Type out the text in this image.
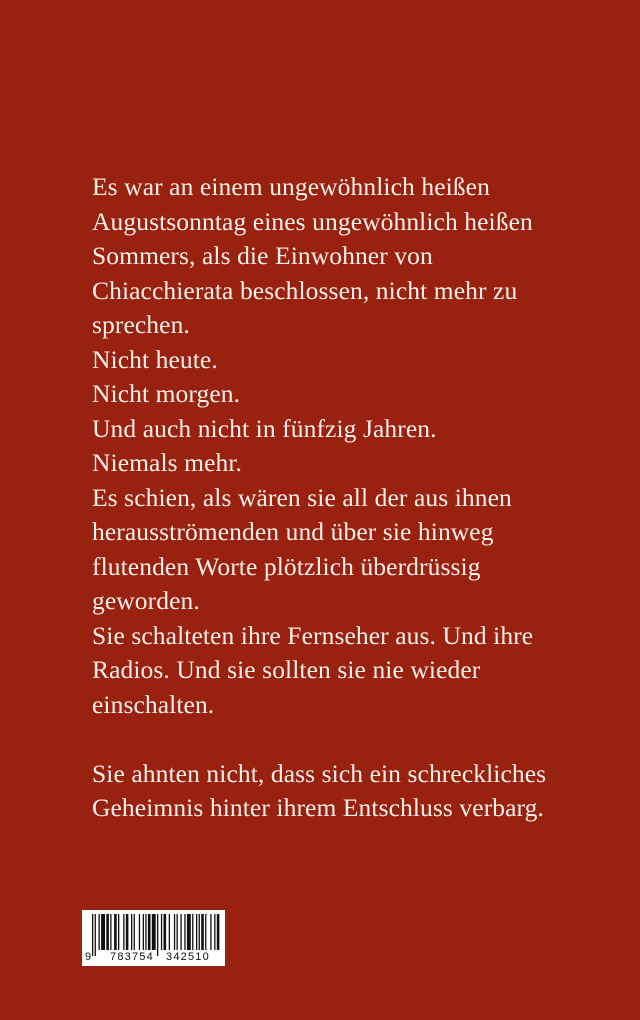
Es war an einem ungewöhnlich heißen
Augustsonntag eines ungewöhnlich heißen
Sommers, als die Einwohner von
Chiacchierata beschlossen, nicht mehr zu
sprechen.
Nicht heute.
Nicht morgen.
Und auch nicht in fünfzig Jahren.
Niemals mehr.
Es schien, als wären sie all der aus ihnen
herausströmenden und über sie hinweg
flutenden Worte plötzlich überdrüssig
geworden.
Sie schalteten ihre Fernseher aus. Und ihre
Radios. Und sie sollten sie nie wieder
einschalten.
Sie ahnten nicht, dass sich ein schreckliches
Geheimnis hinter ihrem Entschluss verbarg.
9 783754 342510
